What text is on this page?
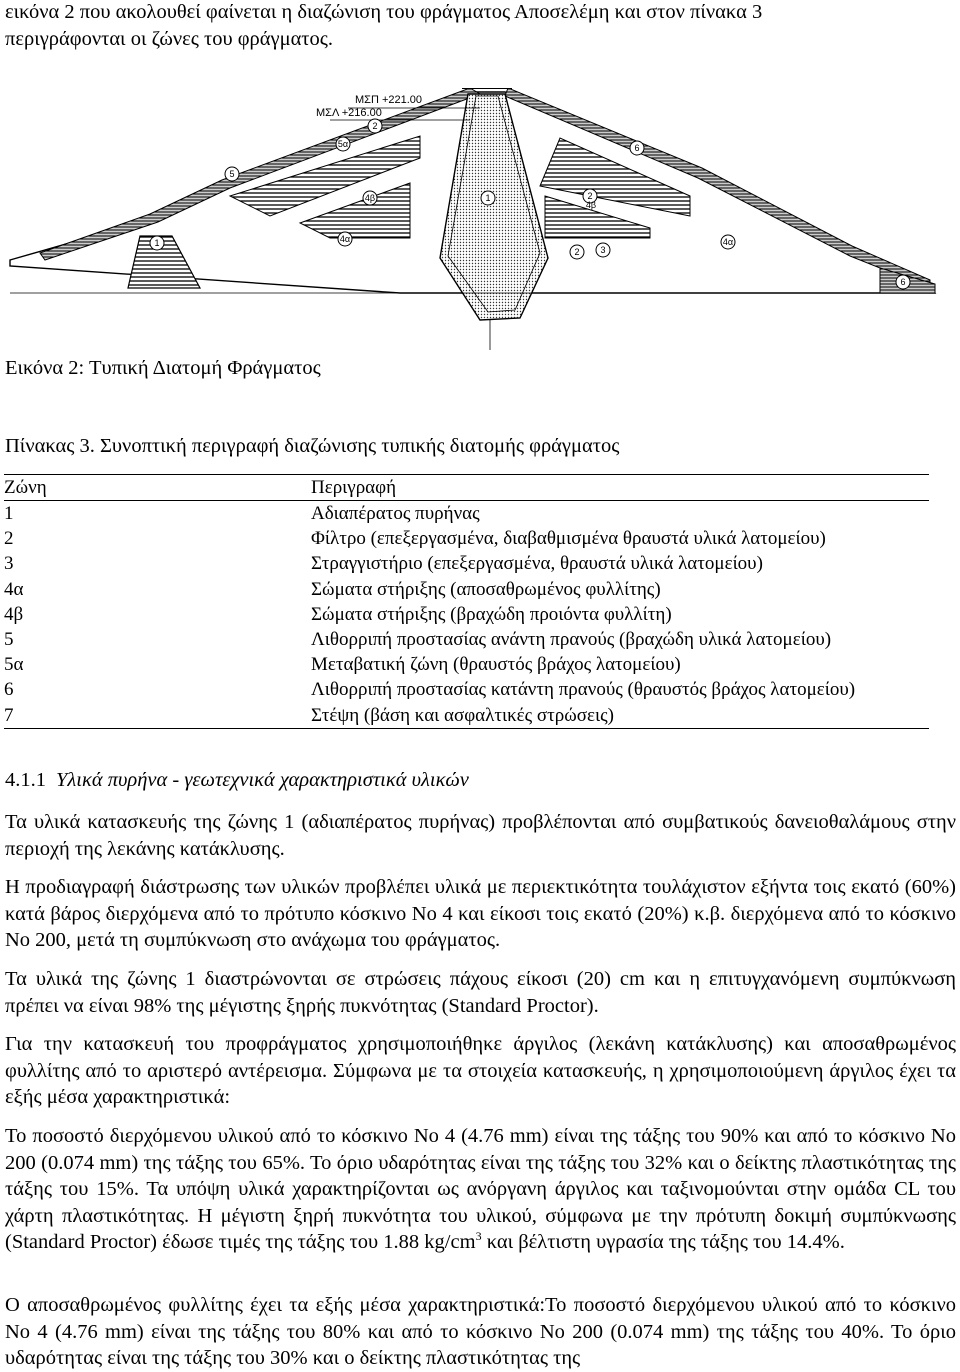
εικόνα 2 που ακολουθεί φαίνεται η διαζώνιση του φράγματος Αποσελέμη και στον πίνακα 3
περιγράφονται οι ζώνες του φράγματος.
ΜΣΠ +221.00
ΜΣΛ +216.00
1
1
2
2
2 3
4α	4α
4β
4β
5
5α	6
6
Εικόνα 2: Τυπική Διατομή Φράγματος
Πίνακας 3. Συνοπτική περιγραφή διαζώνισης τυπικής διατομής φράγματος
Ζώνη	Περιγραφή
1	Αδιαπέρατος πυρήνας
2	Φίλτρο (επεξεργασμένα, διαβαθμισμένα θραυστά υλικά λατομείου)
3	Στραγγιστήριο (επεξεργασμένα, θραυστά υλικά λατομείου)
4α	Σώματα στήριξης (αποσαθρωμένος φυλλίτης)
4β	Σώματα στήριξης (βραχώδη προιόντα φυλλίτη)
5	Λιθορριπή προστασίας ανάντη πρανούς (βραχώδη υλικά λατομείου)
5α	Μεταβατική ζώνη (θραυστός βράχος λατομείου)
6	Λιθορριπή προστασίας κατάντη πρανούς (θραυστός βράχος λατομείου)
7	Στέψη (βάση και ασφαλτικές στρώσεις)
4.1.1 Υλικά πυρήνα - γεωτεχνικά χαρακτηριστικά υλικών
Τα υλικά κατασκευής της ζώνης 1 (αδιαπέρατος πυρήνας) προβλέπονται από συμβατικούς δανειοθαλάμους στην περιοχή της λεκάνης κατάκλυσης.
Η προδιαγραφή διάστρωσης των υλικών προβλέπει υλικά με περιεκτικότητα τουλάχιστον εξήντα τοις εκατό (60%) κατά βάρος διερχόμενα από το πρότυπο κόσκινο No 4 και είκοσι τοις εκατό (20%) κ.β. διερχόμενα από το κόσκινο No 200, μετά τη συμπύκνωση στο ανάχωμα του φράγματος.
Τα υλικά της ζώνης 1 διαστρώνονται σε στρώσεις πάχους είκοσι (20) cm και η επιτυγχανόμενη συμπύκνωση πρέπει να είναι 98% της μέγιστης ξηρής πυκνότητας (Standard Proctor).
Για την κατασκευή του προφράγματος χρησιμοποιήθηκε άργιλος (λεκάνη κατάκλυσης) και αποσαθρωμένος φυλλίτης από το αριστερό αντέρεισμα. Σύμφωνα με τα στοιχεία κατασκευής, η χρησιμοποιούμενη άργιλος έχει τα εξής μέσα χαρακτηριστικά:
Το ποσοστό διερχόμενου υλικού από το κόσκινο No 4 (4.76 mm) είναι της τάξης του 90% και από το κόσκινο No 200 (0.074 mm) της τάξης του 65%. Το όριο υδαρότητας είναι της τάξης του 32% και ο δείκτης πλαστικότητας της τάξης του 15%. Τα υπόψη υλικά χαρακτηρίζονται ως ανόργανη άργιλος και ταξινομούνται στην ομάδα CL του χάρτη πλαστικότητας. Η μέγιστη ξηρή πυκνότητα του υλικού, σύμφωνα με την πρότυπη δοκιμή συμπύκνωσης (Standard Proctor) έδωσε τιμές της τάξης του 1.88 $kg/cm^3$ και βέλτιστη υγρασία της τάξης του 14.4%.
Ο αποσαθρωμένος φυλλίτης έχει τα εξής μέσα χαρακτηριστικά:Το ποσοστό διερχόμενου υλικού από το κόσκινο No 4 (4.76 mm) είναι της τάξης του 80% και από το κόσκινο No 200 (0.074 mm) της τάξης του 40%. Το όριο υδαρότητας είναι της τάξης του 30% και ο δείκτης πλαστικότητας της
